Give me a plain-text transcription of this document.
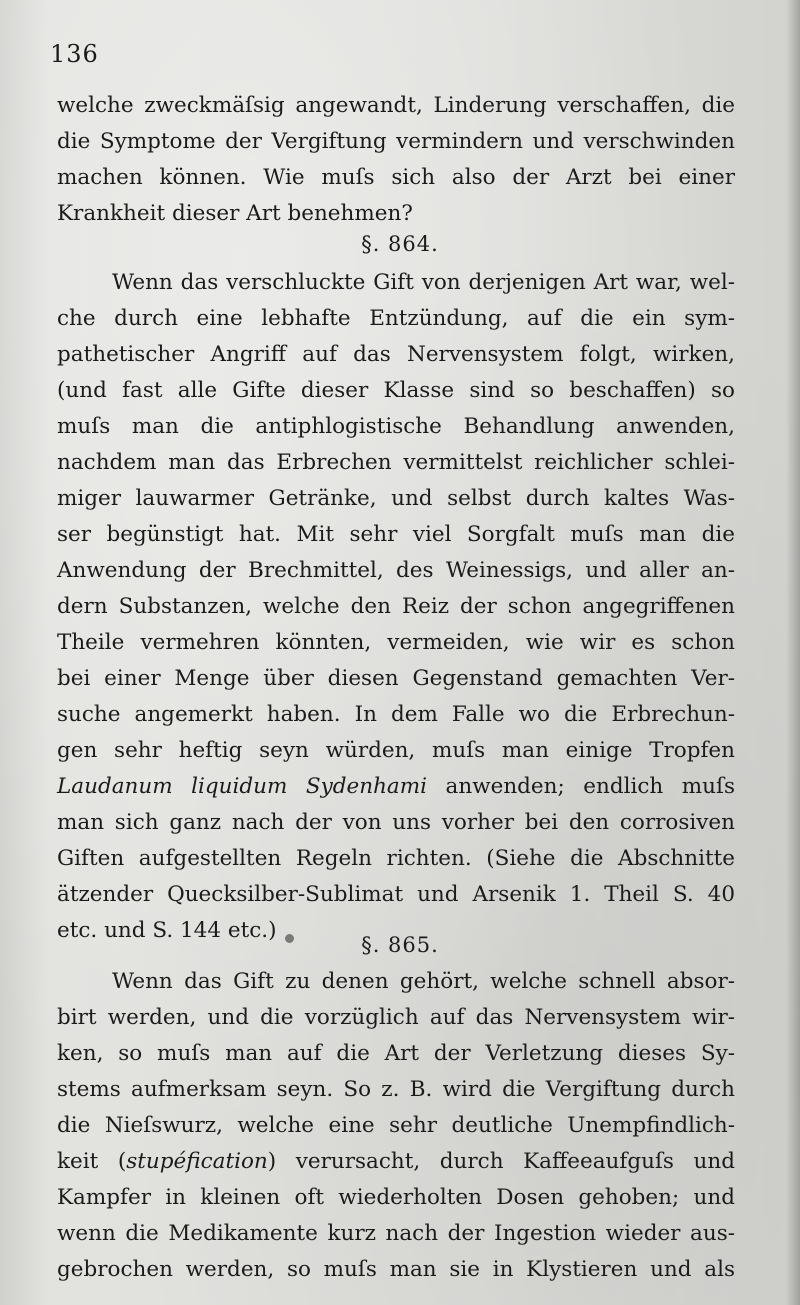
136
welche zweckmäſsig angewandt, Linderung verschaffen, die
die Symptome der Vergiftung vermindern und verschwinden
machen können. Wie muſs sich also der Arzt bei einer
Krankheit dieser Art benehmen?
§. 864.
Wenn das verschluckte Gift von derjenigen Art war, wel-
che durch eine lebhafte Entzündung, auf die ein sym-
pathetischer Angriff auf das Nervensystem folgt, wirken,
(und fast alle Gifte dieser Klasse sind so beschaffen) so
muſs man die antiphlogistische Behandlung anwenden,
nachdem man das Erbrechen vermittelst reichlicher schlei-
miger lauwarmer Getränke, und selbst durch kaltes Was-
ser begünstigt hat. Mit sehr viel Sorgfalt muſs man die
Anwendung der Brechmittel, des Weinessigs, und aller an-
dern Substanzen, welche den Reiz der schon angegriffenen
Theile vermehren könnten, vermeiden, wie wir es schon
bei einer Menge über diesen Gegenstand gemachten Ver-
suche angemerkt haben. In dem Falle wo die Erbrechun-
gen sehr heftig seyn würden, muſs man einige Tropfen
Laudanum liquidum Sydenhami anwenden; endlich muſs
man sich ganz nach der von uns vorher bei den corrosiven
Giften aufgestellten Regeln richten. (Siehe die Abschnitte
ätzender Quecksilber-Sublimat und Arsenik 1. Theil S. 40
etc. und S. 144 etc.)
§. 865.
Wenn das Gift zu denen gehört, welche schnell absor-
birt werden, und die vorzüglich auf das Nervensystem wir-
ken, so muſs man auf die Art der Verletzung dieses Sy-
stems aufmerksam seyn. So z. B. wird die Vergiftung durch
die Nieſswurz, welche eine sehr deutliche Unempfindlich-
keit (stupéfication) verursacht, durch Kaffeeaufguſs und
Kampfer in kleinen oft wiederholten Dosen gehoben; und
wenn die Medikamente kurz nach der Ingestion wieder aus-
gebrochen werden, so muſs man sie in Klystieren und als
